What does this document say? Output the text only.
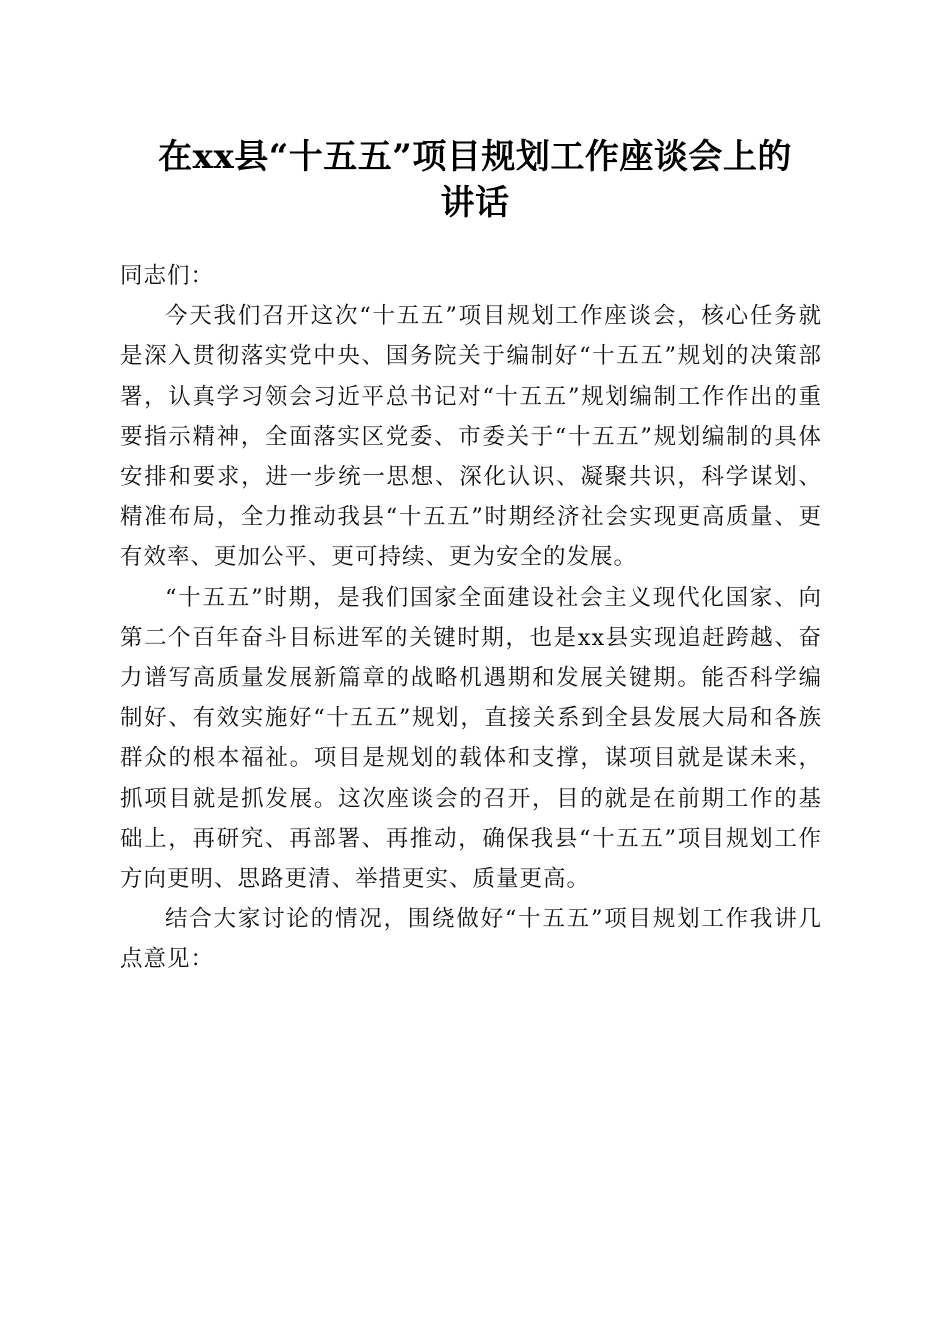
在xx县“十五五”项目规划工作座谈会上的
讲话

同志们：

今天我们召开这次“十五五”项目规划工作座谈会，核心任务就是深入贯彻落实党中央、国务院关于编制好“十五五”规划的决策部署，认真学习领会习近平总书记对“十五五”规划编制工作作出的重要指示精神，全面落实区党委、市委关于“十五五”规划编制的具体安排和要求，进一步统一思想、深化认识、凝聚共识，科学谋划、精准布局，全力推动我县“十五五”时期经济社会实现更高质量、更有效率、更加公平、更可持续、更为安全的发展。

“十五五”时期，是我们国家全面建设社会主义现代化国家、向第二个百年奋斗目标进军的关键时期，也是xx县实现追赶跨越、奋力谱写高质量发展新篇章的战略机遇期和发展关键期。能否科学编制好、有效实施好“十五五”规划，直接关系到全县发展大局和各族群众的根本福祉。项目是规划的载体和支撑，谋项目就是谋未来，抓项目就是抓发展。这次座谈会的召开，目的就是在前期工作的基础上，再研究、再部署、再推动，确保我县“十五五”项目规划工作方向更明、思路更清、举措更实、质量更高。

结合大家讨论的情况，围绕做好“十五五”项目规划工作我讲几点意见：
